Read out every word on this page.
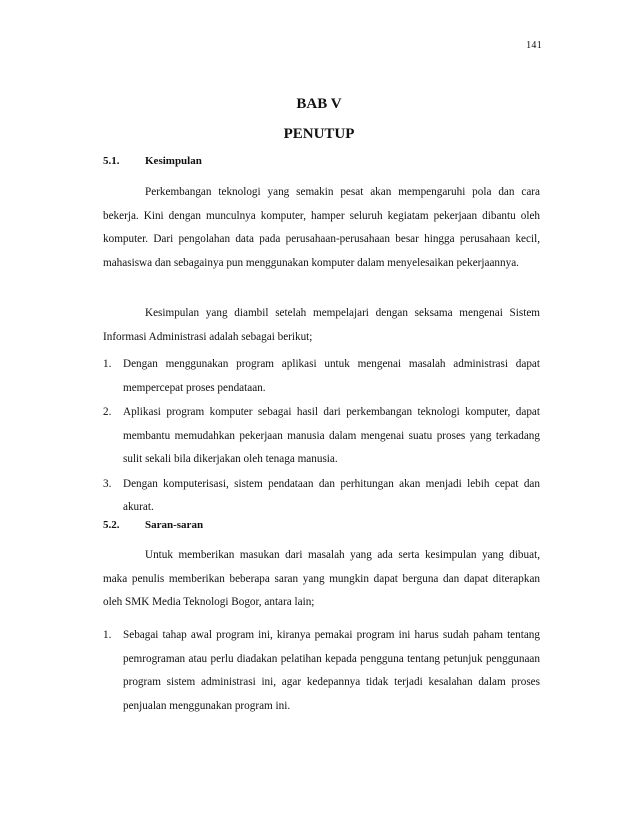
141
BAB V
PENUTUP
5.1. Kesimpulan

Perkembangan teknologi yang semakin pesat akan mempengaruhi pola dan cara bekerja. Kini dengan munculnya komputer, hamper seluruh kegiatam pekerjaan dibantu oleh komputer. Dari pengolahan data pada perusahaan-perusahaan besar hingga perusahaan kecil, mahasiswa dan sebagainya pun menggunakan komputer dalam menyelesaikan pekerjaannya.

Kesimpulan yang diambil setelah mempelajari dengan seksama mengenai Sistem Informasi Administrasi adalah sebagai berikut;

1. Dengan menggunakan program aplikasi untuk mengenai masalah administrasi dapat mempercepat proses pendataan.
2. Aplikasi program komputer sebagai hasil dari perkembangan teknologi komputer, dapat membantu memudahkan pekerjaan manusia dalam mengenai suatu proses yang terkadang sulit sekali bila dikerjakan oleh tenaga manusia.
3. Dengan komputerisasi, sistem pendataan dan perhitungan akan menjadi lebih cepat dan akurat.
5.2. Saran-saran

Untuk memberikan masukan dari masalah yang ada serta kesimpulan yang dibuat, maka penulis memberikan beberapa saran yang mungkin dapat berguna dan dapat diterapkan oleh SMK Media Teknologi Bogor, antara lain;

1. Sebagai tahap awal program ini, kiranya pemakai program ini harus sudah paham tentang pemrograman atau perlu diadakan pelatihan kepada pengguna tentang petunjuk penggunaan program sistem administrasi ini, agar kedepannya tidak terjadi kesalahan dalam proses penjualan menggunakan program ini.
